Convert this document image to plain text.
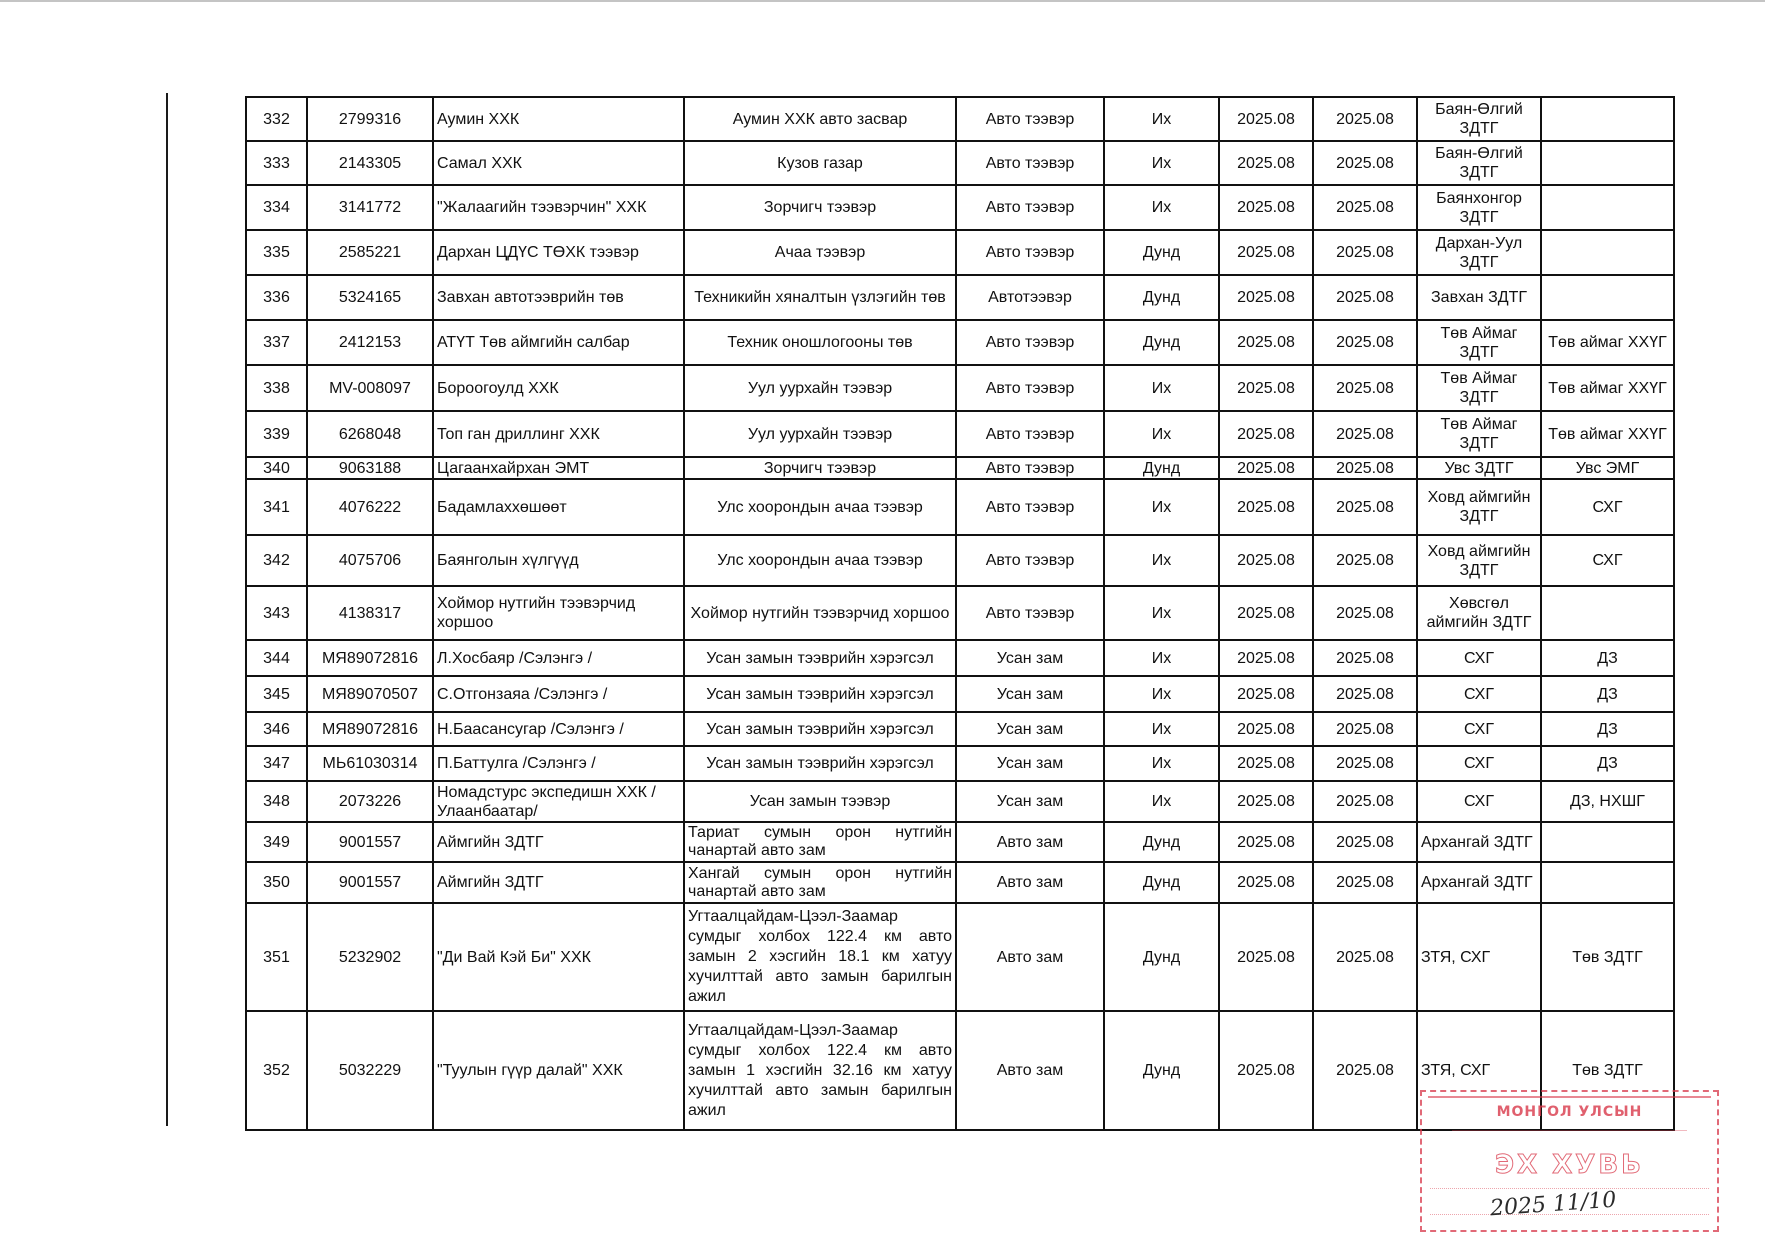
332	2799316	Аумин ХХК	Аумин ХХК авто засвар	Авто тээвэр	Их	2025.08	2025.08	Баян-Өлгий ЗДТГ	
333	2143305	Самал ХХК	Кузов газар	Авто тээвэр	Их	2025.08	2025.08	Баян-Өлгий ЗДТГ	
334	3141772	"Жалаагийн тээвэрчин" ХХК	Зорчигч тээвэр	Авто тээвэр	Их	2025.08	2025.08	Баянхонгор ЗДТГ	
335	2585221	Дархан ЦДҮС ТӨХК тээвэр	Ачаа тээвэр	Авто тээвэр	Дунд	2025.08	2025.08	Дархан-Уул ЗДТГ	
336	5324165	Завхан автотээврийн төв	Техникийн хяналтын үзлэгийн төв	Автотээвэр	Дунд	2025.08	2025.08	Завхан ЗДТГ	
337	2412153	АТҮТ Төв аймгийн салбар	Техник оношлогооны төв	Авто тээвэр	Дунд	2025.08	2025.08	Төв Аймаг ЗДТГ	Төв аймаг ХХҮГ
338	MV-008097	Бороогоулд ХХК	Уул уурхайн тээвэр	Авто тээвэр	Их	2025.08	2025.08	Төв Аймаг ЗДТГ	Төв аймаг ХХҮГ
339	6268048	Топ ган дриллинг ХХК	Уул уурхайн тээвэр	Авто тээвэр	Их	2025.08	2025.08	Төв Аймаг ЗДТГ	Төв аймаг ХХҮГ
340	9063188	Цагаанхайрхан ЭМТ	Зорчигч тээвэр	Авто тээвэр	Дунд	2025.08	2025.08	Увс ЗДТГ	Увс ЭМГ
341	4076222	Бадамлаххөшөөт	Улс хоорондын ачаа тээвэр	Авто тээвэр	Их	2025.08	2025.08	Ховд аймгийн ЗДТГ	СХГ
342	4075706	Баянголын хүлгүүд	Улс хоорондын ачаа тээвэр	Авто тээвэр	Их	2025.08	2025.08	Ховд аймгийн ЗДТГ	СХГ
343	4138317	Хоймор нутгийн тээвэрчид хоршоо	Хоймор нутгийн тээвэрчид хоршоо	Авто тээвэр	Их	2025.08	2025.08	Хөвсгөл аймгийн ЗДТГ	
344	МЯ89072816	Л.Хосбаяр /Сэлэнгэ /	Усан замын тээврийн хэрэгсэл	Усан зам	Их	2025.08	2025.08	СХГ	ДЗ
345	МЯ89070507	С.Отгонзаяа /Сэлэнгэ /	Усан замын тээврийн хэрэгсэл	Усан зам	Их	2025.08	2025.08	СХГ	ДЗ
346	МЯ89072816	Н.Баасансугар /Сэлэнгэ /	Усан замын тээврийн хэрэгсэл	Усан зам	Их	2025.08	2025.08	СХГ	ДЗ
347	МЬ61030314	П.Баттулга /Сэлэнгэ /	Усан замын тээврийн хэрэгсэл	Усан зам	Их	2025.08	2025.08	СХГ	ДЗ
348	2073226	Номадстурс экспедишн ХХК /Улаанбаатар/	Усан замын тээвэр	Усан зам	Их	2025.08	2025.08	СХГ	ДЗ, НХШГ
349	9001557	Аймгийн ЗДТГ	Тариат сумын орон нутгийн чанартай авто зам	Авто зам	Дунд	2025.08	2025.08	Архангай ЗДТГ	
350	9001557	Аймгийн ЗДТГ	Хангай сумын орон нутгийн чанартай авто зам	Авто зам	Дунд	2025.08	2025.08	Архангай ЗДТГ	
351	5232902	"Ди Вай Кэй Би" ХХК	Угтаалцайдам-Цээл-Заамар сумдыг холбох 122.4 км авто замын 2 хэсгийн 18.1 км хатуу хучилттай авто замын барилгын ажил	Авто зам	Дунд	2025.08	2025.08	ЗТЯ, СХГ	Төв ЗДТГ
352	5032229	"Туулын гүүр далай" ХХК	Угтаалцайдам-Цээл-Заамар сумдыг холбох 122.4 км авто замын 1 хэсгийн 32.16 км хатуу хучилттай авто замын барилгын ажил	Авто зам	Дунд	2025.08	2025.08	ЗТЯ, СХГ	Төв ЗДТГ
МОНГОЛ УЛСЫН
ЭХ ХУВЬ
2025 11/10
